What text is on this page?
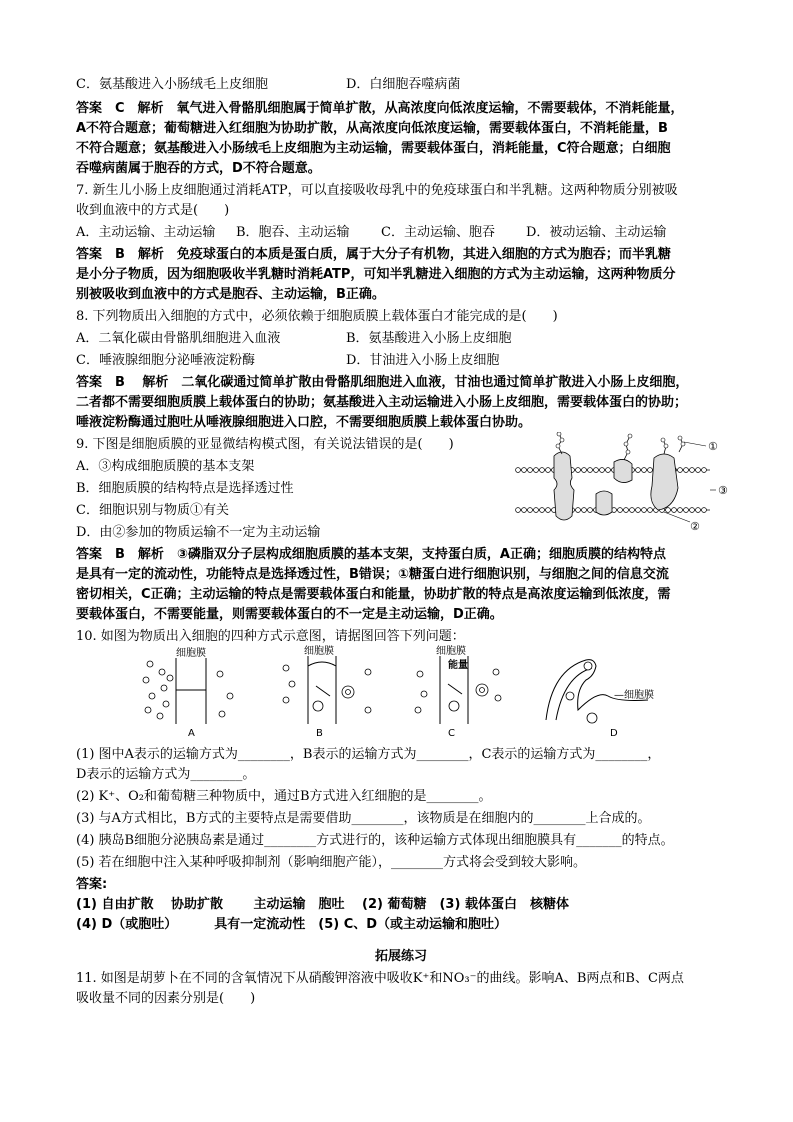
C．氨基酸进入小肠绒毛上皮细胞	D．白细胞吞噬病菌
答案　C　解析　氧气进入骨骼肌细胞属于简单扩散，从高浓度向低浓度运输，不需要载体，不消耗能量，
A不符合题意；葡萄糖进入红细胞为协助扩散，从高浓度向低浓度运输，需要载体蛋白，不消耗能量，B
不符合题意；氨基酸进入小肠绒毛上皮细胞为主动运输，需要载体蛋白，消耗能量，C符合题意；白细胞
吞噬病菌属于胞吞的方式，D不符合题意。
7. 新生儿小肠上皮细胞通过消耗ATP，可以直接吸收母乳中的免疫球蛋白和半乳糖。这两种物质分别被吸
收到血液中的方式是(　　)
A．主动运输、主动运输 B．胞吞、主动运输 C．主动运输、胞吞 D．被动运输、主动运输
答案　B　解析　免疫球蛋白的本质是蛋白质，属于大分子有机物，其进入细胞的方式为胞吞；而半乳糖
是小分子物质，因为细胞吸收半乳糖时消耗ATP，可知半乳糖进入细胞的方式为主动运输，这两种物质分
别被吸收到血液中的方式是胞吞、主动运输，B正确。
8. 下列物质出入细胞的方式中，必须依赖于细胞质膜上载体蛋白才能完成的是(　　)
A．二氧化碳由骨骼肌细胞进入血液	B．氨基酸进入小肠上皮细胞
C．唾液腺细胞分泌唾液淀粉酶	D．甘油进入小肠上皮细胞
答案　B　 解析　二氧化碳通过简单扩散由骨骼肌细胞进入血液，甘油也通过简单扩散进入小肠上皮细胞，
二者都不需要细胞质膜上载体蛋白的协助；氨基酸进入主动运输进入小肠上皮细胞，需要载体蛋白的协助；
唾液淀粉酶通过胞吐从唾液腺细胞进入口腔，不需要细胞质膜上载体蛋白协助。
9. 下图是细胞质膜的亚显微结构模式图，有关说法错误的是(　　)
A．③构成细胞质膜的基本支架
B．细胞质膜的结构特点是选择透过性
C．细胞识别与物质①有关
D．由②参加的物质运输不一定为主动运输
①
③
②
答案　B　解析　③磷脂双分子层构成细胞质膜的基本支架，支持蛋白质，A正确；细胞质膜的结构特点
是具有一定的流动性，功能特点是选择透过性，B错误；①糖蛋白进行细胞识别，与细胞之间的信息交流
密切相关，C正确；主动运输的特点是需要载体蛋白和能量，协助扩散的特点是高浓度运输到低浓度，需
要载体蛋白，不需要能量，则需要载体蛋白的不一定是主动运输，D正确。
10. 如图为物质出入细胞的四种方式示意图，请据图回答下列问题：
细胞膜
A
细胞膜
B
细胞膜
能量
C
—细胞膜
D
(1) 图中A表示的运输方式为________，B表示的运输方式为________，C表示的运输方式为________，
D表示的运输方式为________。
(2) K⁺、O₂和葡萄糖三种物质中，通过B方式进入红细胞的是________。
(3) 与A方式相比，B方式的主要特点是需要借助________，该物质是在细胞内的________上合成的。
(4) 胰岛B细胞分泌胰岛素是通过________方式进行的，该种运输方式体现出细胞膜具有_______的特点。
(5) 若在细胞中注入某种呼吸抑制剂（影响细胞产能），________方式将会受到较大影响。
答案:
(1) 自由扩散　 协助扩散　　 主动运输　胞吐　 (2) 葡萄糖　(3) 载体蛋白　核糖体
(4) D（或胞吐）　　　 具有一定流动性　(5) C、D（或主动运输和胞吐）
拓展练习
11. 如图是胡萝卜在不同的含氧情况下从硝酸钾溶液中吸收K⁺和NO₃⁻的曲线。影响A、B两点和B、C两点
吸收量不同的因素分别是(　　)
